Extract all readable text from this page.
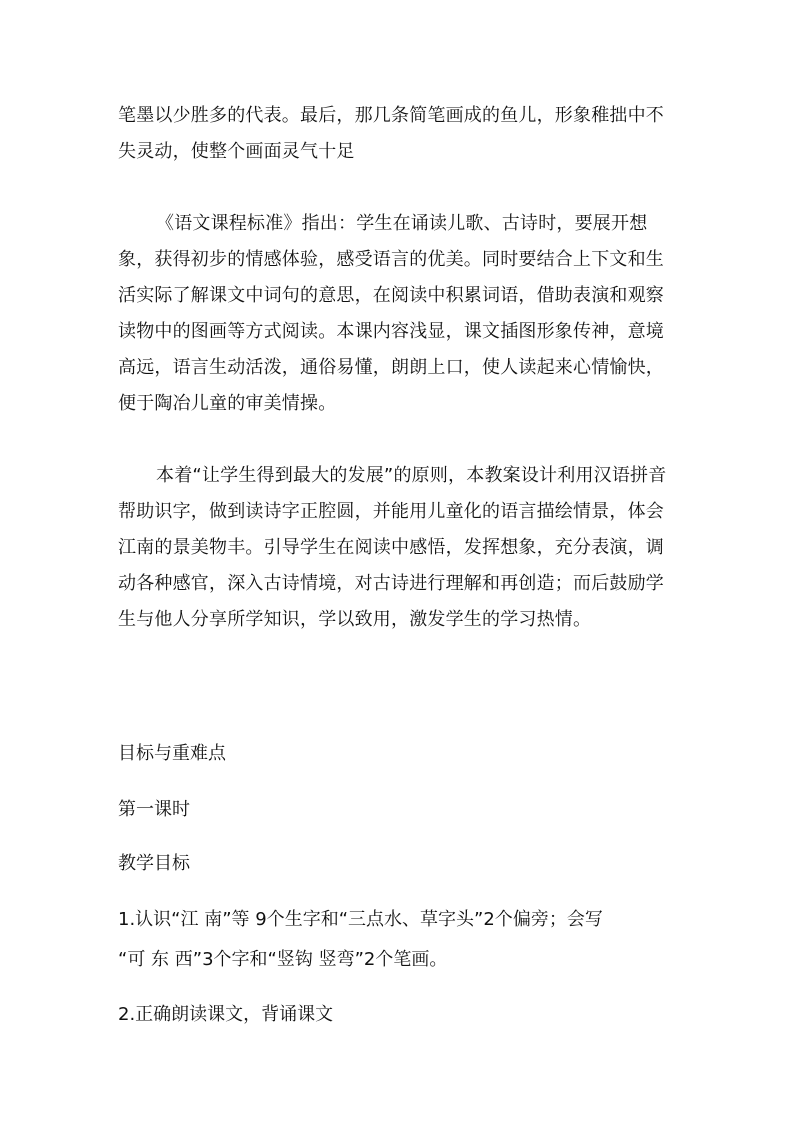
笔墨以少胜多的代表。最后，那几条简笔画成的鱼儿，形象稚拙中不失灵动，使整个画面灵气十足
《语文课程标准》指出：学生在诵读儿歌、古诗时，要展开想象，获得初步的情感体验，感受语言的优美。同时要结合上下文和生活实际了解课文中词句的意思，在阅读中积累词语，借助表演和观察读物中的图画等方式阅读。本课内容浅显，课文插图形象传神，意境高远，语言生动活泼，通俗易懂，朗朗上口，使人读起来心情愉快，便于陶冶儿童的审美情操。
本着“让学生得到最大的发展”的原则，本教案设计利用汉语拼音帮助识字，做到读诗字正腔圆，并能用儿童化的语言描绘情景，体会江南的景美物丰。引导学生在阅读中感悟，发挥想象，充分表演，调动各种感官，深入古诗情境，对古诗进行理解和再创造；而后鼓励学生与他人分享所学知识，学以致用，激发学生的学习热情。
目标与重难点
第一课时
教学目标
1.认识“江 南”等 9个生字和“三点水、草字头”2个偏旁；会写
“可 东 西”3个字和“竖钩 竖弯”2个笔画。
2.正确朗读课文，背诵课文
